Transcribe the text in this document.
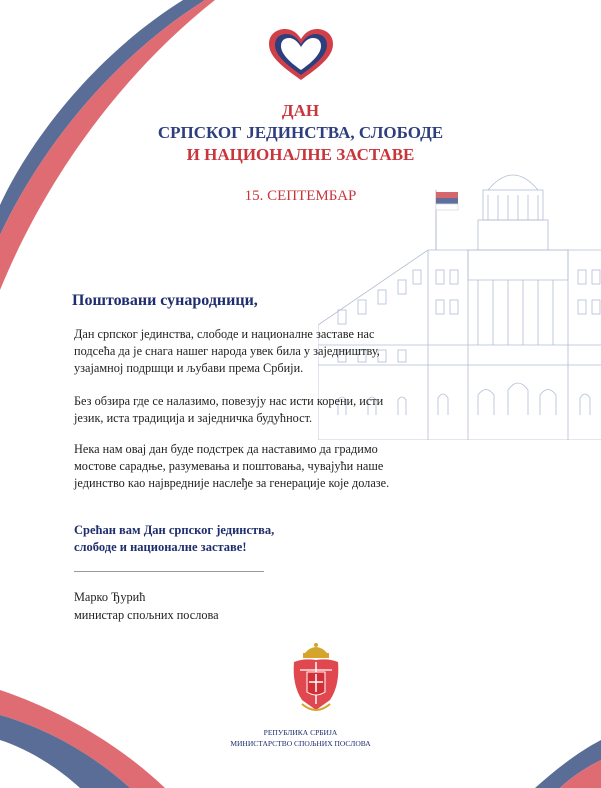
ДАН
СРПСКОГ ЈЕДИНСТВА, СЛОБОДЕ
И НАЦИОНАЛНЕ ЗАСТАВЕ
15. СЕПТЕМБАР
Поштовани сународници,
Дан српског јединства, слободе и националне заставе нас подсећа да је снага нашег народа увек била у заједништву, узајамној подршци и љубави према Србији.
Без обзира где се налазимо, повезују нас исти корени, исти језик, иста традиција и заједничка будућност.
Нека нам овај дан буде подстрек да наставимо да градимо мостове сарадње, разумевања и поштовања, чувајући наше јединство као највредније наслеђе за генерације које долазе.
Срећан вам Дан српског јединства,
слободе и националне заставе!
Марко Ђурић
министар спољних послова
РЕПУБЛИКА СРБИЈА
МИНИСТАРСТВО СПОЉНИХ ПОСЛОВА
